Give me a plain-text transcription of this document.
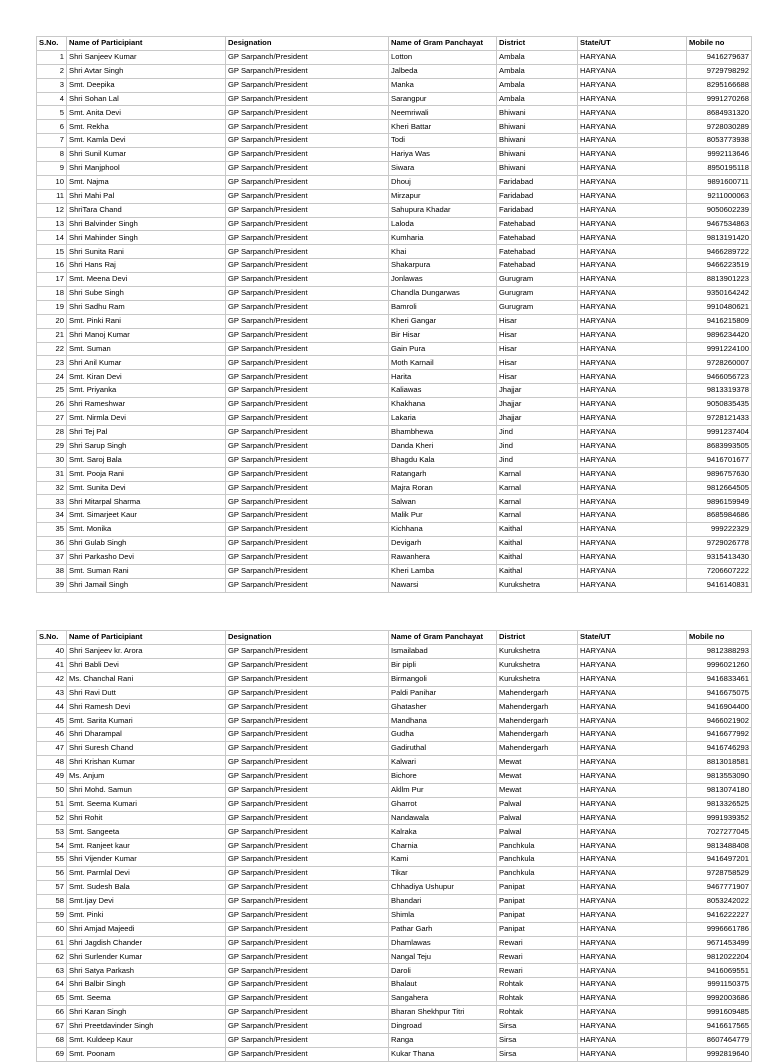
S.No.	Name of Participiant	Designation	Name of Gram Panchayat	District	State/UT	Mobile no
1	Shri Sanjeev Kumar	GP Sarpanch/President	Lotton	Ambala	HARYANA	9416279637
2	Shri Avtar Singh	GP Sarpanch/President	Jalbeda	Ambala	HARYANA	9729798292
3	Smt. Deepika	GP Sarpanch/President	Manka	Ambala	HARYANA	8295166688
4	Shri Sohan Lal	GP Sarpanch/President	Sarangpur	Ambala	HARYANA	9991270268
5	Smt. Anita Devi	GP Sarpanch/President	Neemriwali	Bhiwani	HARYANA	8684931320
6	Smt. Rekha	GP Sarpanch/President	Kheri Battar	Bhiwani	HARYANA	9728030289
7	Smt. Kamla Devi	GP Sarpanch/President	Todi	Bhiwani	HARYANA	8053773938
8	Shri Sunil Kumar	GP Sarpanch/President	Hariya Was	Bhiwani	HARYANA	9992113646
9	Shri Manjphool	GP Sarpanch/President	Siwara	Bhiwani	HARYANA	8950195118
10	Smt. Najma	GP Sarpanch/President	Dhouj	Faridabad	HARYANA	9891600711
11	Shri Mahi Pal	GP Sarpanch/President	Mirzapur	Faridabad	HARYANA	9211000063
12	ShriTara Chand	GP Sarpanch/President	Sahupura Khadar	Faridabad	HARYANA	9050602239
13	Shri Balvinder Singh	GP Sarpanch/President	Laloda	Fatehabad	HARYANA	9467534863
14	Shri Mahinder Singh	GP Sarpanch/President	Kumharia	Fatehabad	HARYANA	9813191420
15	Shri Sunita Rani	GP Sarpanch/President	Khai	Fatehabad	HARYANA	9466289722
16	Shri Hans Raj	GP Sarpanch/President	Shakarpura	Fatehabad	HARYANA	9466223519
17	Smt. Meena Devi	GP Sarpanch/President	Jonlawas	Gurugram	HARYANA	8813901223
18	Shri Sube Singh	GP Sarpanch/President	Chandla Dungarwas	Gurugram	HARYANA	9350164242
19	Shri Sadhu Ram	GP Sarpanch/President	Bamroli	Gurugram	HARYANA	9910480621
20	Smt. Pinki Rani	GP Sarpanch/President	Kheri Gangar	Hisar	HARYANA	9416215809
21	Shri Manoj Kumar	GP Sarpanch/President	Bir Hisar	Hisar	HARYANA	9896234420
22	Smt. Suman	GP Sarpanch/President	Gain Pura	Hisar	HARYANA	9991224100
23	Shri Anil Kumar	GP Sarpanch/President	Moth Karnail	Hisar	HARYANA	9728260007
24	Smt. Kiran Devi	GP Sarpanch/President	Harita	Hisar	HARYANA	9466056723
25	Smt. Priyanka	GP Sarpanch/President	Kaliawas	Jhajjar	HARYANA	9813319378
26	Shri Rameshwar	GP Sarpanch/President	Khakhana	Jhajjar	HARYANA	9050835435
27	Smt. Nirmla Devi	GP Sarpanch/President	Lakaria	Jhajjar	HARYANA	9728121433
28	Shri Tej Pal	GP Sarpanch/President	Bhambhewa	Jind	HARYANA	9991237404
29	Shri Sarup Singh	GP Sarpanch/President	Danda Kheri	Jind	HARYANA	8683993505
30	Smt. Saroj Bala	GP Sarpanch/President	Bhagdu Kala	Jind	HARYANA	9416701677
31	Smt. Pooja Rani	GP Sarpanch/President	Ratangarh	Karnal	HARYANA	9896757630
32	Smt. Sunita Devi	GP Sarpanch/President	Majra Roran	Karnal	HARYANA	9812664505
33	Shri Mitarpal Sharma	GP Sarpanch/President	Salwan	Karnal	HARYANA	9896159949
34	Smt. Simarjeet Kaur	GP Sarpanch/President	Malik Pur	Karnal	HARYANA	8685984686
35	Smt. Monika	GP Sarpanch/President	Kichhana	Kaithal	HARYANA	999222329
36	Shri Gulab Singh	GP Sarpanch/President	Devigarh	Kaithal	HARYANA	9729026778
37	Shri Parkasho Devi	GP Sarpanch/President	Rawanhera	Kaithal	HARYANA	9315413430
38	Smt. Suman Rani	GP Sarpanch/President	Kheri Lamba	Kaithal	HARYANA	7206607222
39	Shri Jamail Singh	GP Sarpanch/President	Nawarsi	Kurukshetra	HARYANA	9416140831
S.No.	Name of Participiant	Designation	Name of Gram Panchayat	District	State/UT	Mobile no
40	Shri Sanjeev kr. Arora	GP Sarpanch/President	Ismailabad	Kurukshetra	HARYANA	9812388293
41	Shri Babli Devi	GP Sarpanch/President	Bir pipli	Kurukshetra	HARYANA	9996021260
42	Ms. Chanchal Rani	GP Sarpanch/President	Birmangoli	Kurukshetra	HARYANA	9416833461
43	Shri Ravi Dutt	GP Sarpanch/President	Paldi Panihar	Mahendergarh	HARYANA	9416675075
44	Shri Ramesh Devi	GP Sarpanch/President	Ghatasher	Mahendergarh	HARYANA	9416904400
45	Smt. Sarita Kumari	GP Sarpanch/President	Mandhana	Mahendergarh	HARYANA	9466021902
46	Shri Dharampal	GP Sarpanch/President	Gudha	Mahendergarh	HARYANA	9416677992
47	Shri Suresh Chand	GP Sarpanch/President	Gadiruthal	Mahendergarh	HARYANA	9416746293
48	Shri Krishan Kumar	GP Sarpanch/President	Kalwari	Mewat	HARYANA	8813018581
49	Ms. Anjum	GP Sarpanch/President	Bichore	Mewat	HARYANA	9813553090
50	Shri Mohd. Samun	GP Sarpanch/President	Akllm Pur	Mewat	HARYANA	9813074180
51	Smt. Seema Kumari	GP Sarpanch/President	Gharrot	Palwal	HARYANA	9813326525
52	Shri Rohit	GP Sarpanch/President	Nandawala	Palwal	HARYANA	9991939352
53	Smt. Sangeeta	GP Sarpanch/President	Kalraka	Palwal	HARYANA	7027277045
54	Smt. Ranjeet kaur	GP Sarpanch/President	Charnia	Panchkula	HARYANA	9813488408
55	Shri Vijender Kumar	GP Sarpanch/President	Kami	Panchkula	HARYANA	9416497201
56	Smt. Parmlal Devi	GP Sarpanch/President	Tikar	Panchkula	HARYANA	9728758529
57	Smt. Sudesh Bala	GP Sarpanch/President	Chhadiya Ushupur	Panipat	HARYANA	9467771907
58	Smt.Ijay Devi	GP Sarpanch/President	Bhandari	Panipat	HARYANA	8053242022
59	Smt. Pinki	GP Sarpanch/President	Shimla	Panipat	HARYANA	9416222227
60	Shri Amjad Majeedi	GP Sarpanch/President	Pathar Garh	Panipat	HARYANA	9996661786
61	Shri Jagdish Chander	GP Sarpanch/President	Dhamlawas	Rewari	HARYANA	9671453499
62	Shri Surlender Kumar	GP Sarpanch/President	Nangal Teju	Rewari	HARYANA	9812022204
63	Shri Satya Parkash	GP Sarpanch/President	Daroli	Rewari	HARYANA	9416069551
64	Shri Balbir Singh	GP Sarpanch/President	Bhalaut	Rohtak	HARYANA	9991150375
65	Smt. Seema	GP Sarpanch/President	Sangahera	Rohtak	HARYANA	9992003686
66	Shri Karan Singh	GP Sarpanch/President	Bharan Shekhpur Titri	Rohtak	HARYANA	9991609485
67	Shri Preetdavinder Singh	GP Sarpanch/President	Dingroad	Sirsa	HARYANA	9416617565
68	Smt. Kuldeep Kaur	GP Sarpanch/President	Ranga	Sirsa	HARYANA	8607464779
69	Smt. Poonam	GP Sarpanch/President	Kukar Thana	Sirsa	HARYANA	9992819640
